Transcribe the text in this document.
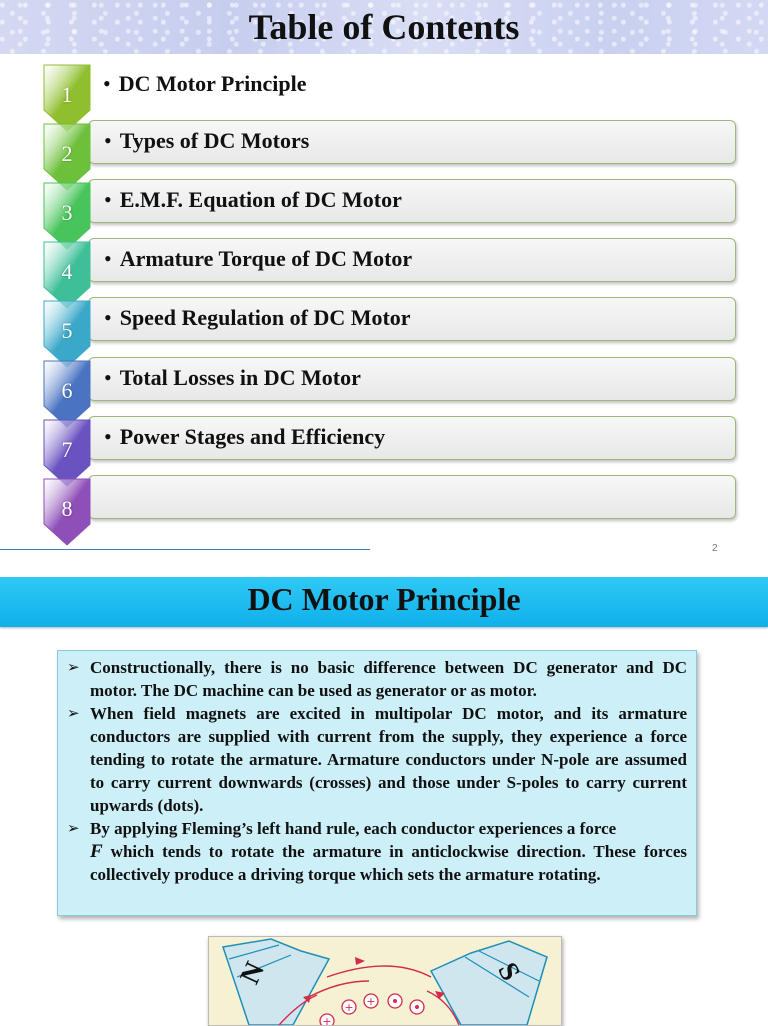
Table of Contents
• DC Motor Principle
1
• Types of DC Motors
2
• E.M.F. Equation of DC Motor
3
• Armature Torque of DC Motor
4
• Speed Regulation of DC Motor
5
• Total Losses in DC Motor
6
• Power Stages and Efficiency
7
8
2
DC Motor Principle
➢ Constructionally, there is no basic difference between DC generator and DC motor. The DC machine can be used as generator or as motor.
➢ When field magnets are excited in multipolar DC motor, and its armature conductors are supplied with current from the supply, they experience a force tending to rotate the armature. Armature conductors under N-pole are assumed to carry current downwards (crosses) and those under S-poles to carry current upwards (dots).
➢ By applying Fleming’s left hand rule, each conductor experiences a force
F which tends to rotate the armature in anticlockwise direction. These forces collectively produce a driving torque which sets the armature rotating.
+ +
+
N	S
